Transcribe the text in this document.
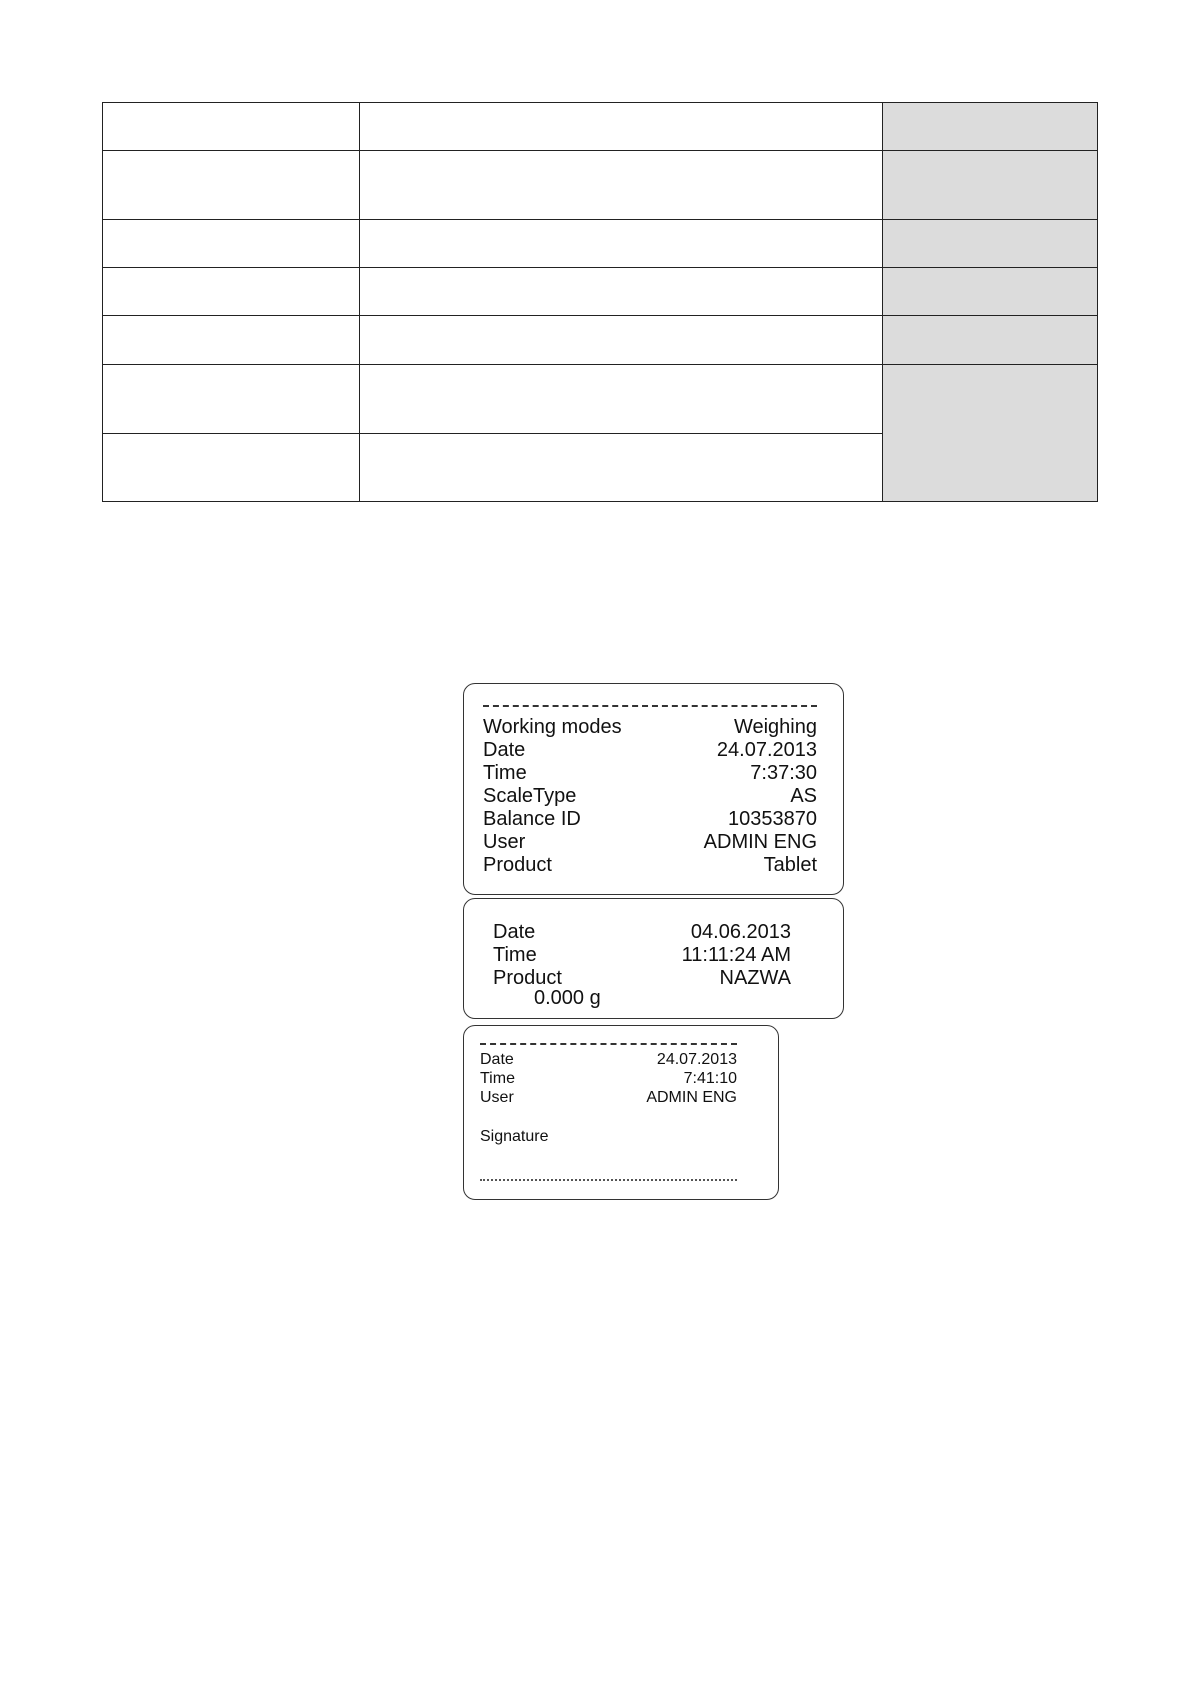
Working modes	Weighing
Date	24.07.2013
Time	7:37:30
ScaleType	AS
Balance ID	10353870
User	ADMIN ENG
Product	Tablet
Date	04.06.2013
Time	11:11:24 AM
Product	NAZWA
0.000 g
Date	24.07.2013
Time	7:41:10
User	ADMIN ENG
Signature
